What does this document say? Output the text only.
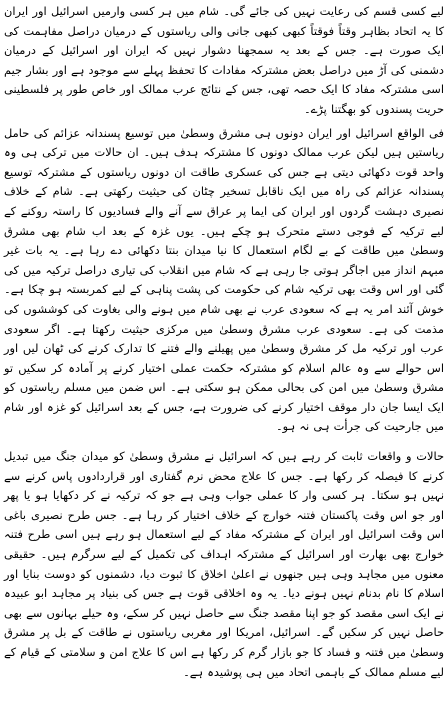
لیے کسی قسم کی رعایت نہیں کی جائے گی۔ شام میں ہر کسی وارمیں اسرائیل اور ایران کا یہ اتحاد بظاہر وقتاً فوقتاً کبھی کبھی جانی والی ریاستوں کے درمیان دراصل مفاہمت کی ایک صورت ہے۔ جس کے بعد یہ سمجھنا دشوار نہیں کہ ایران اور اسرائیل کے درمیان دشمنی کی آڑ میں دراصل بعض مشترکہ مفادات کا تحفظ پہلے سے موجود ہے اور بشار جیم اسی مشترکہ مفاد کا ایک حصہ تھی، جس کے نتائج عرب ممالک اور خاص طور پر فلسطینی حریت پسندوں کو بھگتنا پڑے۔

فی الواقع اسرائیل اور ایران دونوں ہی مشرق وسطیٰ میں توسیع پسندانہ عزائم کی حامل ریاستیں ہیں لیکن عرب ممالک دونوں کا مشترکہ ہدف ہیں۔ ان حالات میں ترکی ہی وہ واحد قوت دکھائی دیتی ہے جس کی عسکری طاقت ان دونوں ریاستوں کے مشترکہ توسیع پسندانہ عزائم کی راہ میں ایک ناقابل تسخیر چٹان کی حیثیت رکھتی ہے۔ شام کے خلاف نصیری دہشت گردوں اور ایران کی ایما پر عراق سے آنے والے فسادیوں کا راستہ روکنے کے لیے ترکیہ کے فوجی دستے متحرک ہو چکے ہیں۔ یوں غزہ کے بعد اب شام بھی مشرق وسطیٰ میں طاقت کے بے لگام استعمال کا نیا میدان بنتا دکھائی دے رہا ہے۔ یہ بات غیر مبہم انداز میں اجاگر ہوتی جا رہی ہے کہ شام میں انقلاب کی تیاری دراصل ترکیہ میں کی گئی اور اس وقت بھی ترکیہ شام کی حکومت کی پشت پناہی کے لیے کمربستہ ہو چکا ہے۔ خوش آئند امر یہ ہے کہ سعودی عرب نے بھی شام میں ہونے والی بغاوت کی کوششوں کی مذمت کی ہے۔ سعودی عرب مشرق وسطیٰ میں مرکزی حیثیت رکھتا ہے۔ اگر سعودی عرب اور ترکیہ مل کر مشرق وسطیٰ میں پھیلنے والے فتنے کا تدارک کرنے کی ٹھان لیں اور اس حوالے سے وہ عالم اسلام کو مشترکہ حکمت عملی اختیار کرنے پر آمادہ کر سکیں تو مشرق وسطیٰ میں امن کی بحالی ممکن ہو سکتی ہے۔ اس ضمن میں مسلم ریاستوں کو ایک ایسا جان دار موقف اختیار کرنے کی ضرورت ہے، جس کے بعد اسرائیل کو غزہ اور شام میں جارحیت کی جرأت ہی نہ ہو۔

حالات و واقعات ثابت کر رہے ہیں کہ اسرائیل نے مشرق وسطیٰ کو میدان جنگ میں تبدیل کرنے کا فیصلہ کر رکھا ہے۔ جس کا علاج محض نرم گفتاری اور قراردادوں پاس کرنے سے نہیں ہو سکتا۔ ہر کسی وار کا عملی جواب وہی ہے جو کہ ترکیہ نے کر دکھایا ہو یا پھر اور جو اس وقت پاکستان فتنہ خوارج کے خلاف اختیار کر رہا ہے۔ جس طرح نصیری باغی اس وقت اسرائیل اور ایران کے مشترکہ مفاد کے لیے استعمال ہو رہے ہیں اسی طرح فتنہ خوارج بھی بھارت اور اسرائیل کے مشترکہ اہداف کی تکمیل کے لیے سرگرم ہیں۔ حقیقی معنوں میں مجاہد وہی ہیں جنھوں نے اعلیٰ اخلاق کا ثبوت دیا، دشمنوں کو دوست بنایا اور اسلام کا نام بدنام نہیں ہونے دیا۔ یہ وہ اخلاقی قوت ہے جس کی بنیاد پر مجاہد ابو عبیدہ نے ایک اسی مقصد کو جو اپنا مقصد جنگ سے حاصل نہیں کر سکے، وہ حیلے بہانوں سے بھی حاصل نہیں کر سکیں گے۔ اسرائیل، امریکا اور مغربی ریاستوں نے طاقت کے بل پر مشرق وسطیٰ میں فتنہ و فساد کا جو بازار گرم کر رکھا ہے اس کا علاج امن و سلامتی کے قیام کے لیے مسلم ممالک کے باہمی اتحاد میں ہی پوشیدہ ہے۔
